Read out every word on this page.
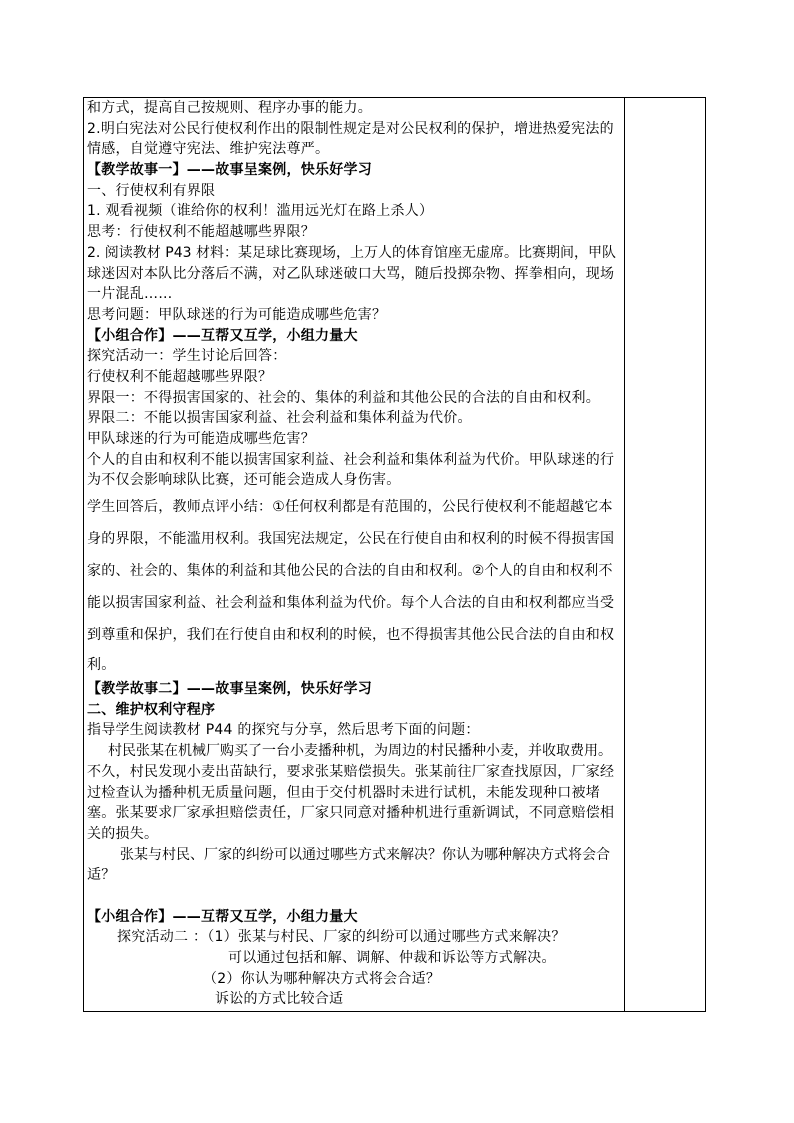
和方式，提高自己按规则、程序办事的能力。
2.明白宪法对公民行使权利作出的限制性规定是对公民权利的保护，增进热爱宪法的
情感，自觉遵守宪法、维护宪法尊严。
【教学故事一】——故事呈案例，快乐好学习
一、行使权利有界限
1. 观看视频（谁给你的权利！滥用远光灯在路上杀人）
思考：行使权利不能超越哪些界限？
2. 阅读教材 P43 材料：某足球比赛现场，上万人的体育馆座无虚席。比赛期间，甲队
球迷因对本队比分落后不满，对乙队球迷破口大骂，随后投掷杂物、挥拳相向，现场
一片混乱……
思考问题：甲队球迷的行为可能造成哪些危害？
【小组合作】——互帮又互学，小组力量大
探究活动一：学生讨论后回答：
行使权利不能超越哪些界限？
界限一：不得损害国家的、社会的、集体的利益和其他公民的合法的自由和权利。
界限二：不能以损害国家利益、社会利益和集体利益为代价。
甲队球迷的行为可能造成哪些危害？
个人的自由和权利不能以损害国家利益、社会利益和集体利益为代价。甲队球迷的行
为不仅会影响球队比赛，还可能会造成人身伤害。
学生回答后，教师点评小结：①任何权利都是有范围的，公民行使权利不能超越它本
身的界限，不能滥用权利。我国宪法规定，公民在行使自由和权利的时候不得损害国
家的、社会的、集体的利益和其他公民的合法的自由和权利。②个人的自由和权利不
能以损害国家利益、社会利益和集体利益为代价。每个人合法的自由和权利都应当受
到尊重和保护，我们在行使自由和权利的时候，也不得损害其他公民合法的自由和权
利。
【教学故事二】——故事呈案例，快乐好学习
二、维护权利守程序
指导学生阅读教材 P44 的探究与分享，然后思考下面的问题：
村民张某在机械厂购买了一台小麦播种机，为周边的村民播种小麦，并收取费用。
不久，村民发现小麦出苗缺行，要求张某赔偿损失。张某前往厂家查找原因，厂家经
过检查认为播种机无质量问题，但由于交付机器时未进行试机，未能发现种口被堵
塞。张某要求厂家承担赔偿责任，厂家只同意对播种机进行重新调试，不同意赔偿相
关的损失。
张某与村民、厂家的纠纷可以通过哪些方式来解决？你认为哪种解决方式将会合
适？
【小组合作】——互帮又互学，小组力量大
探究活动二 ：（1）张某与村民、厂家的纠纷可以通过哪些方式来解决？
可以通过包括和解、调解、仲裁和诉讼等方式解决。
（2）你认为哪种解决方式将会合适？
诉讼的方式比较合适
